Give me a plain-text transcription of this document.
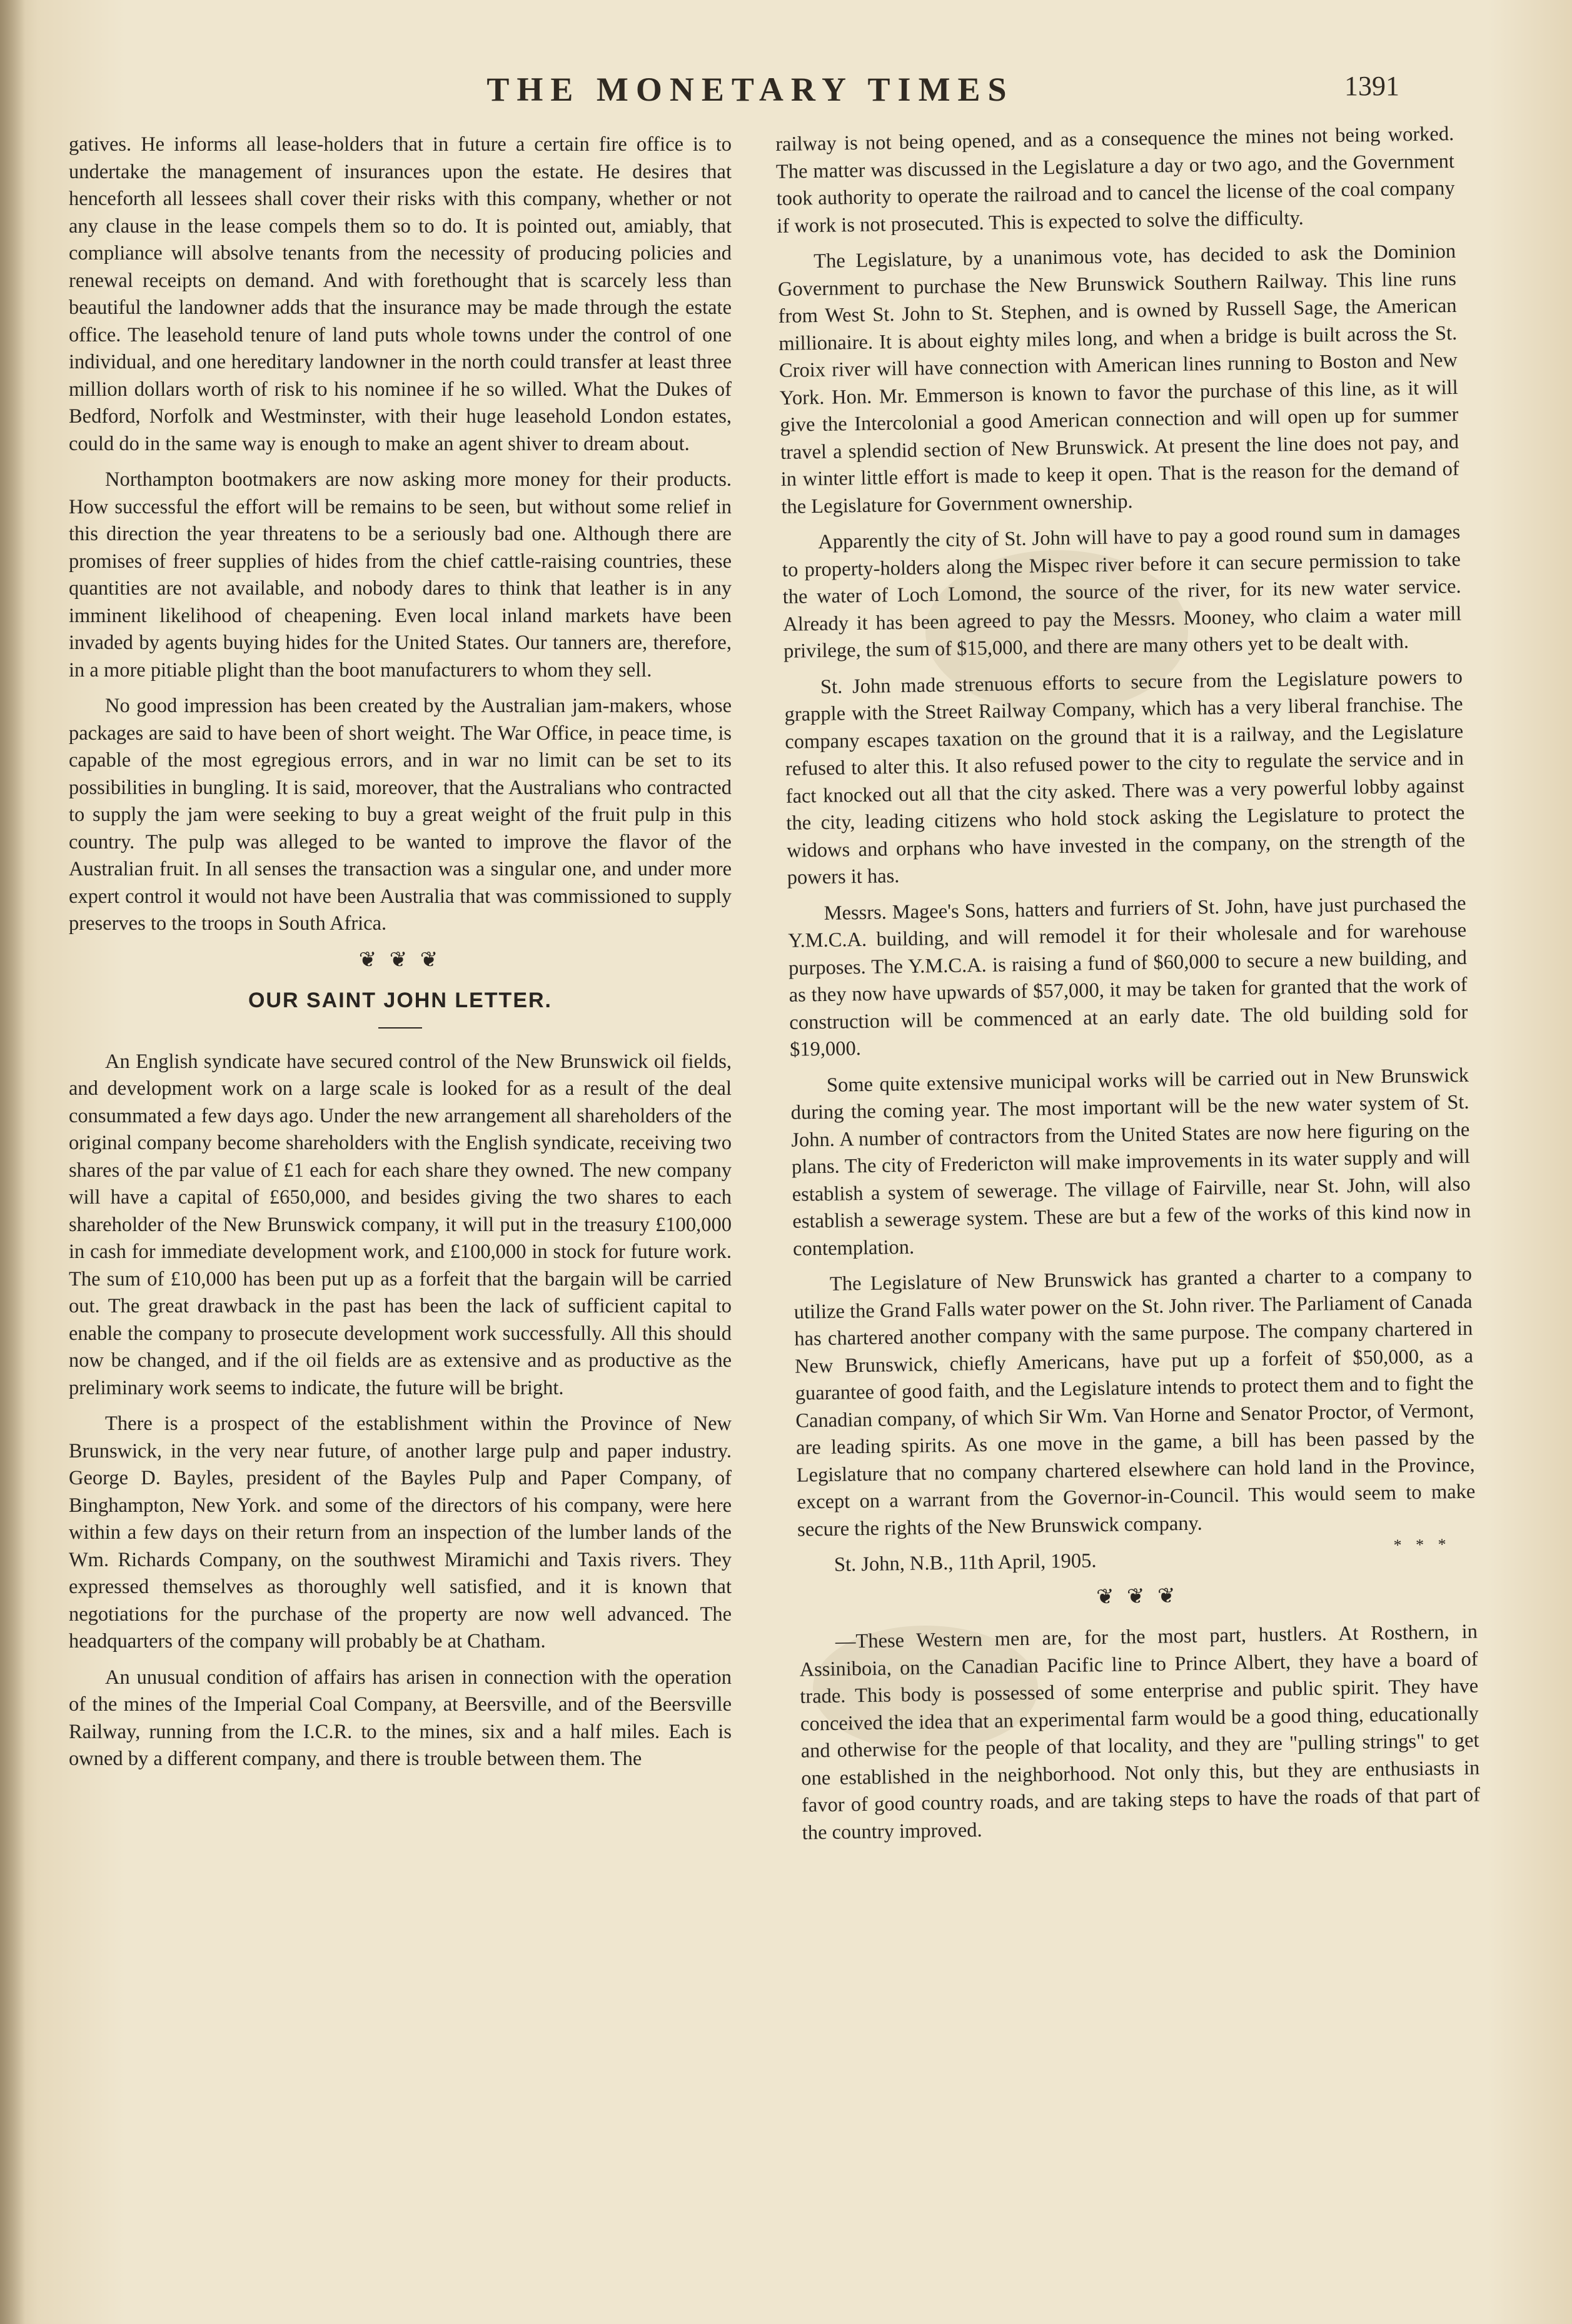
THE MONETARY TIMES	1391

gatives. He informs all lease-holders that in future a certain fire office is to undertake the management of insurances upon the estate. He desires that henceforth all lessees shall cover their risks with this company, whether or not any clause in the lease compels them so to do. It is pointed out, amiably, that compliance will absolve tenants from the necessity of producing policies and renewal receipts on demand. And with forethought that is scarcely less than beautiful the landowner adds that the insurance may be made through the estate office. The leasehold tenure of land puts whole towns under the control of one individual, and one hereditary landowner in the north could transfer at least three million dollars worth of risk to his nominee if he so willed. What the Dukes of Bedford, Norfolk and Westminster, with their huge leasehold London estates, could do in the same way is enough to make an agent shiver to dream about.

Northampton bootmakers are now asking more money for their products. How successful the effort will be remains to be seen, but without some relief in this direction the year threatens to be a seriously bad one. Although there are promises of freer supplies of hides from the chief cattle-raising countries, these quantities are not available, and nobody dares to think that leather is in any imminent likelihood of cheapening. Even local inland markets have been invaded by agents buying hides for the United States. Our tanners are, therefore, in a more pitiable plight than the boot manufacturers to whom they sell.

No good impression has been created by the Australian jam-makers, whose packages are said to have been of short weight. The War Office, in peace time, is capable of the most egregious errors, and in war no limit can be set to its possibilities in bungling. It is said, moreover, that the Australians who contracted to supply the jam were seeking to buy a great weight of the fruit pulp in this country. The pulp was alleged to be wanted to improve the flavor of the Australian fruit. In all senses the transaction was a singular one, and under more expert control it would not have been Australia that was commissioned to supply preserves to the troops in South Africa.

❦ ❦ ❦
OUR SAINT JOHN LETTER.

An English syndicate have secured control of the New Brunswick oil fields, and development work on a large scale is looked for as a result of the deal consummated a few days ago. Under the new arrangement all shareholders of the original company become shareholders with the English syndicate, receiving two shares of the par value of £1 each for each share they owned. The new company will have a capital of £650,000, and besides giving the two shares to each shareholder of the New Brunswick company, it will put in the treasury £100,000 in cash for immediate development work, and £100,000 in stock for future work. The sum of £10,000 has been put up as a forfeit that the bargain will be carried out. The great drawback in the past has been the lack of sufficient capital to enable the company to prosecute development work successfully. All this should now be changed, and if the oil fields are as extensive and as productive as the preliminary work seems to indicate, the future will be bright.

There is a prospect of the establishment within the Province of New Brunswick, in the very near future, of another large pulp and paper industry. George D. Bayles, president of the Bayles Pulp and Paper Company, of Binghampton, New York. and some of the directors of his company, were here within a few days on their return from an inspection of the lumber lands of the Wm. Richards Company, on the southwest Miramichi and Taxis rivers. They expressed themselves as thoroughly well satisfied, and it is known that negotiations for the purchase of the property are now well advanced. The headquarters of the company will probably be at Chatham.

An unusual condition of affairs has arisen in connection with the operation of the mines of the Imperial Coal Company, at Beersville, and of the Beersville Railway, running from the I.C.R. to the mines, six and a half miles. Each is owned by a different company, and there is trouble between them. The

railway is not being opened, and as a consequence the mines not being worked. The matter was discussed in the Legislature a day or two ago, and the Government took authority to operate the railroad and to cancel the license of the coal company if work is not prosecuted. This is expected to solve the difficulty.

The Legislature, by a unanimous vote, has decided to ask the Dominion Government to purchase the New Brunswick Southern Railway. This line runs from West St. John to St. Stephen, and is owned by Russell Sage, the American millionaire. It is about eighty miles long, and when a bridge is built across the St. Croix river will have connection with American lines running to Boston and New York. Hon. Mr. Emmerson is known to favor the purchase of this line, as it will give the Intercolonial a good American connection and will open up for summer travel a splendid section of New Brunswick. At present the line does not pay, and in winter little effort is made to keep it open. That is the reason for the demand of the Legislature for Government ownership.

Apparently the city of St. John will have to pay a good round sum in damages to property-holders along the Mispec river before it can secure permission to take the water of Loch Lomond, the source of the river, for its new water service. Already it has been agreed to pay the Messrs. Mooney, who claim a water mill privilege, the sum of $15,000, and there are many others yet to be dealt with.

St. John made strenuous efforts to secure from the Legislature powers to grapple with the Street Railway Company, which has a very liberal franchise. The company escapes taxation on the ground that it is a railway, and the Legislature refused to alter this. It also refused power to the city to regulate the service and in fact knocked out all that the city asked. There was a very powerful lobby against the city, leading citizens who hold stock asking the Legislature to protect the widows and orphans who have invested in the company, on the strength of the powers it has.

Messrs. Magee's Sons, hatters and furriers of St. John, have just purchased the Y.M.C.A. building, and will remodel it for their wholesale and for warehouse purposes. The Y.M.C.A. is raising a fund of $60,000 to secure a new building, and as they now have upwards of $57,000, it may be taken for granted that the work of construction will be commenced at an early date. The old building sold for $19,000.

Some quite extensive municipal works will be carried out in New Brunswick during the coming year. The most important will be the new water system of St. John. A number of contractors from the United States are now here figuring on the plans. The city of Fredericton will make improvements in its water supply and will establish a system of sewerage. The village of Fairville, near St. John, will also establish a sewerage system. These are but a few of the works of this kind now in contemplation.

The Legislature of New Brunswick has granted a charter to a company to utilize the Grand Falls water power on the St. John river. The Parliament of Canada has chartered another company with the same purpose. The company chartered in New Brunswick, chiefly Americans, have put up a forfeit of $50,000, as a guarantee of good faith, and the Legislature intends to protect them and to fight the Canadian company, of which Sir Wm. Van Horne and Senator Proctor, of Vermont, are leading spirits. As one move in the game, a bill has been passed by the Legislature that no company chartered elsewhere can hold land in the Province, except on a warrant from the Governor-in-Council. This would seem to make secure the rights of the New Brunswick company.

St. John, N.B., 11th April, 1905.
* * *
❦ ❦ ❦

—These Western men are, for the most part, hustlers. At Rosthern, in Assiniboia, on the Canadian Pacific line to Prince Albert, they have a board of trade. This body is possessed of some enterprise and public spirit. They have conceived the idea that an experimental farm would be a good thing, educationally and otherwise for the people of that locality, and they are "pulling strings" to get one established in the neighborhood. Not only this, but they are enthusiasts in favor of good country roads, and are taking steps to have the roads of that part of the country improved.
